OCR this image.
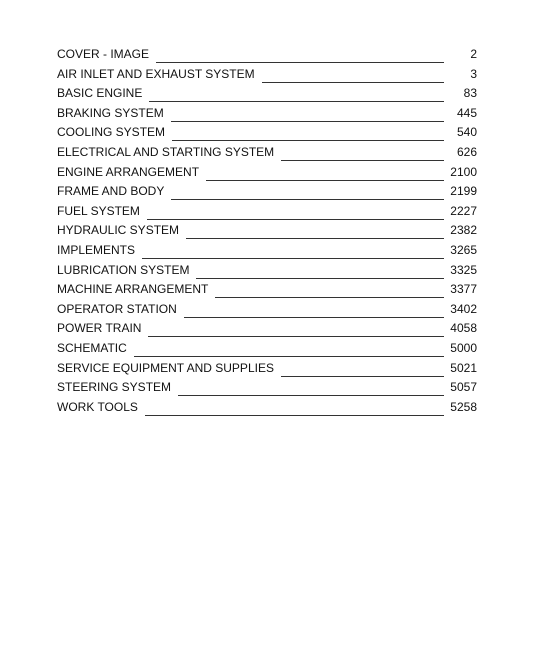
COVER - IMAGE	2
AIR INLET AND EXHAUST SYSTEM	3
BASIC ENGINE	83
BRAKING SYSTEM	445
COOLING SYSTEM	540
ELECTRICAL AND STARTING SYSTEM	626
ENGINE ARRANGEMENT	2100
FRAME AND BODY	2199
FUEL SYSTEM	2227
HYDRAULIC SYSTEM	2382
IMPLEMENTS	3265
LUBRICATION SYSTEM	3325
MACHINE ARRANGEMENT	3377
OPERATOR STATION	3402
POWER TRAIN	4058
SCHEMATIC	5000
SERVICE EQUIPMENT AND SUPPLIES	5021
STEERING SYSTEM	5057
WORK TOOLS	5258
